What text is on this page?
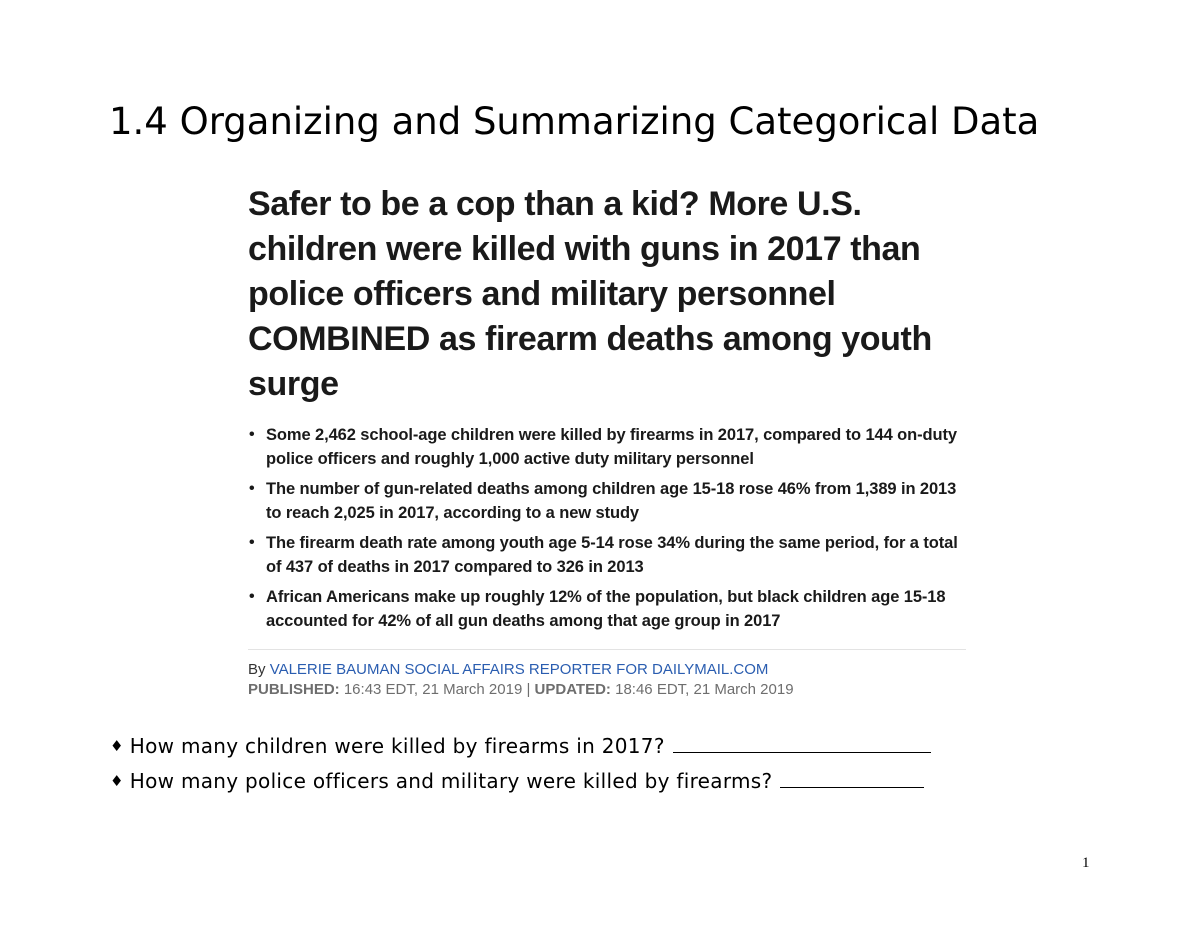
1.4 Organizing and Summarizing Categorical Data
Safer to be a cop than a kid? More U.S. children were killed with guns in 2017 than police officers and military personnel COMBINED as firearm deaths among youth surge
• Some 2,462 school-age children were killed by firearms in 2017, compared to 144 on-duty police officers and roughly 1,000 active duty military personnel
• The number of gun-related deaths among children age 15-18 rose 46% from 1,389 in 2013 to reach 2,025 in 2017, according to a new study
• The firearm death rate among youth age 5-14 rose 34% during the same period, for a total of 437 of deaths in 2017 compared to 326 in 2013
• African Americans make up roughly 12% of the population, but black children age 15-18 accounted for 42% of all gun deaths among that age group in 2017
By VALERIE BAUMAN SOCIAL AFFAIRS REPORTER FOR DAILYMAIL.COM
PUBLISHED: 16:43 EDT, 21 March 2019 | UPDATED: 18:46 EDT, 21 March 2019
♦ How many children were killed by firearms in 2017?
♦ How many police officers and military were killed by firearms?
1
